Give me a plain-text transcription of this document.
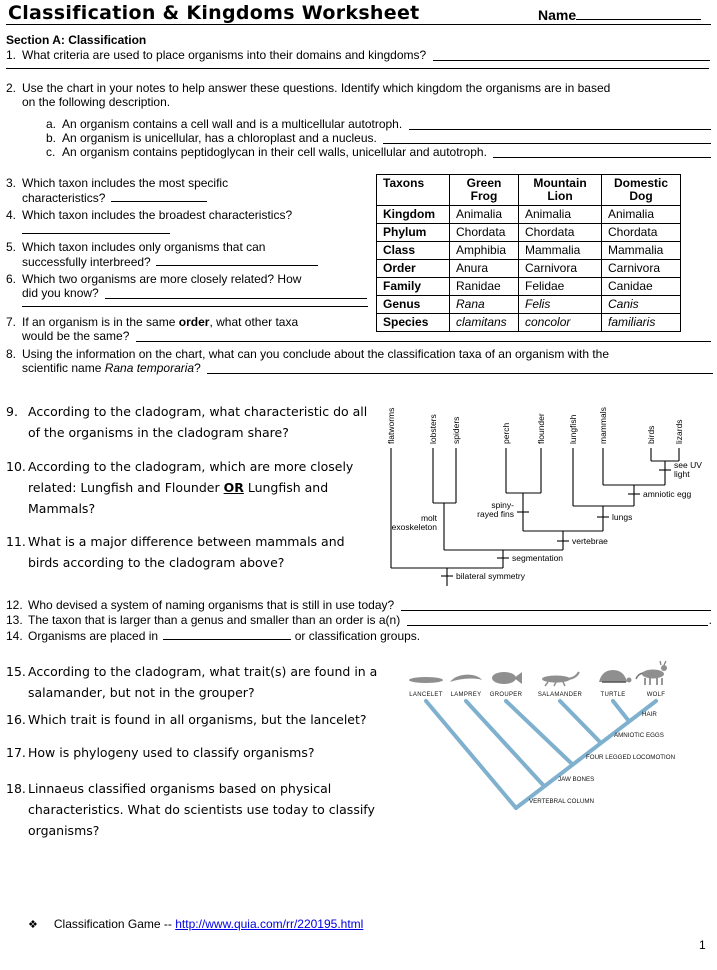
Classification & Kingdoms Worksheet	Name
Section A: Classification
1. What criteria are used to place organisms into their domains and kingdoms?
2. Use the chart in your notes to help answer these questions. Identify which kingdom the organisms are in based
on the following description.
a. An organism contains a cell wall and is a multicellular autotroph.
b. An organism is unicellular, has a chloroplast and a nucleus.
c. An organism contains peptidoglycan in their cell walls, unicellular and autotroph.
3. Which taxon includes the most specific
characteristics?
4. Which taxon includes the broadest characteristics?
5. Which taxon includes only organisms that can
successfully interbreed?
6. Which two organisms are more closely related? How
did you know?
7. If an organism is in the same order, what other taxa
would be the same?
8. Using the information on the chart, what can you conclude about the classification taxa of an organism with the
scientific name Rana temporaria ?
Taxons	Green Frog	Mountain Lion	Domestic Dog
Kingdom	Animalia	Animalia	Animalia
Phylum	Chordata	Chordata	Chordata
Class	Amphibia	Mammalia	Mammalia
Order	Anura	Carnivora	Carnivora
Family	Ranidae	Felidae	Canidae
Genus	Rana	Felis	Canis
Species	clamitans	concolor	familiaris
9. According to the cladogram, what characteristic do all
of the organisms in the cladogram share?
10. According to the cladogram, which are more closely
related: Lungfish and Flounder OR Lungfish and
Mammals?
11. What is a major difference between mammals and
birds according to the cladogram above?
flatworms	lobsters spiders	perch	flounder	lungfish mammals	birds lizards
see UV
light
amniotic egg
lungs
spiny-
rayed fins
molt
exoskeleton
vertebrae
segmentation
bilateral symmetry
12. Who devised a system of naming organisms that is still in use today?
13. The taxon that is larger than a genus and smaller than an order is a(n)	.
14. Organisms are placed in	or classification groups.
15. According to the cladogram, what trait(s) are found in a
salamander, but not in the grouper?
16. Which trait is found in all organisms, but the lancelet?
17. How is phylogeny used to classify organisms?
18. Linnaeus classified organisms based on physical
characteristics. What do scientists use today to classify
organisms?
LANCELET LAMPREY GROUPER	SALAMANDER	TURTLE	WOLF
HAIR
AMNIOTIC EGGS
FOUR LEGGED LOCOMOTION
JAW BONES
VERTEBRAL COLUMN
❖ Classification Game -- http://www.quia.com/rr/220195.html
1
